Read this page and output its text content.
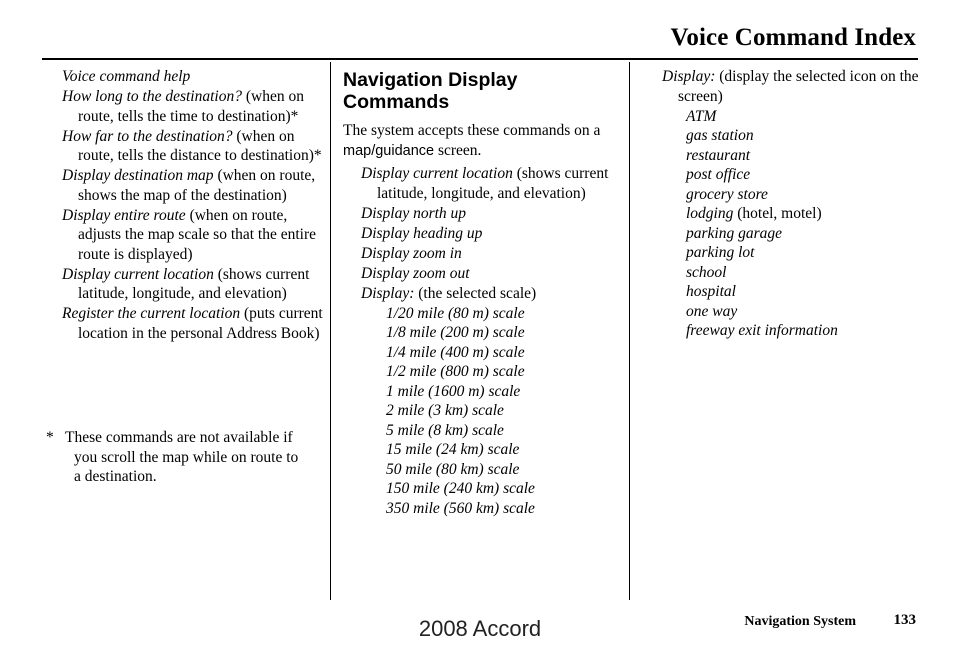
Voice Command Index
Voice command help
How long to the destination? (when on route, tells the time to destination)*
How far to the destination? (when on route, tells the distance to destination)*
Display destination map (when on route, shows the map of the destination)
Display entire route (when on route, adjusts the map scale so that the entire route is displayed)
Display current location (shows current latitude, longitude, and elevation)
Register the current location (puts current location in the personal Address Book)
* These commands are not available if
you scroll the map while on route to
a destination.
Navigation Display
Commands
The system accepts these commands on a map/guidance screen.
Display current location (shows current latitude, longitude, and elevation)
Display north up
Display heading up
Display zoom in
Display zoom out
Display: (the selected scale)
1/20 mile (80 m) scale
1/8 mile (200 m) scale
1/4 mile (400 m) scale
1/2 mile (800 m) scale
1 mile (1600 m) scale
2 mile (3 km) scale
5 mile (8 km) scale
15 mile (24 km) scale
50 mile (80 km) scale
150 mile (240 km) scale
350 mile (560 km) scale
Display: (display the selected icon on the screen)
ATM
gas station
restaurant
post office
grocery store
lodging (hotel, motel)
parking garage
parking lot
school
hospital
one way
freeway exit information
Navigation System	133
2008 Accord
